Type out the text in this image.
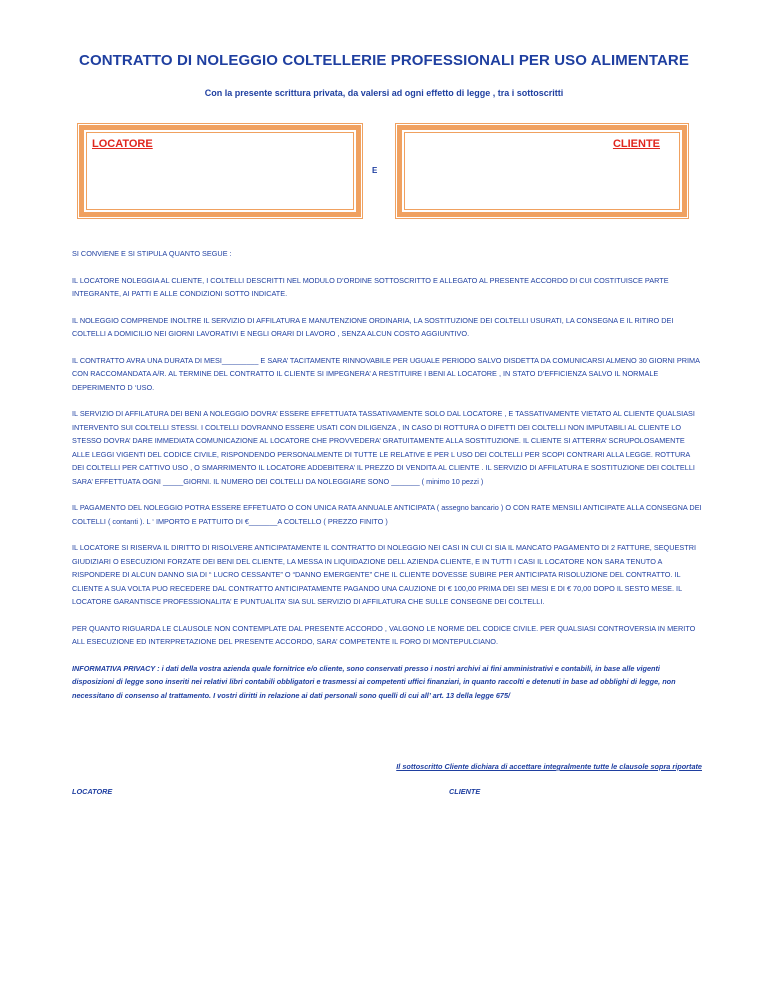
CONTRATTO DI NOLEGGIO COLTELLERIE PROFESSIONALI PER USO ALIMENTARE
Con la presente scrittura privata, da valersi ad ogni effetto di legge , tra i sottoscritti
LOCATORE
E
CLIENTE

SI CONVIENE E SI STIPULA QUANTO SEGUE :

IL LOCATORE NOLEGGIA AL CLIENTE, I COLTELLI DESCRITTI NEL MODULO D’ORDINE SOTTOSCRITTO E ALLEGATO AL PRESENTE ACCORDO DI CUI COSTITUISCE PARTE INTEGRANTE, AI PATTI E ALLE CONDIZIONI SOTTO INDICATE.

IL NOLEGGIO COMPRENDE INOLTRE IL SERVIZIO DI AFFILATURA E MANUTENZIONE ORDINARIA, LA SOSTITUZIONE DEI COLTELLI USURATI, LA CONSEGNA E IL RITIRO DEI COLTELLI A DOMICILIO NEI GIORNI LAVORATIVI E NEGLI ORARI DI LAVORO , SENZA ALCUN COSTO AGGIUNTIVO.

IL CONTRATTO AVRA UNA DURATA DI MESI_________ E SARA’ TACITAMENTE RINNOVABILE PER UGUALE PERIODO SALVO DISDETTA DA COMUNICARSI ALMENO 30 GIORNI PRIMA CON RACCOMANDATA A/R. AL TERMINE DEL CONTRATTO IL CLIENTE SI IMPEGNERA’ A RESTITUIRE I BENI AL LOCATORE , IN STATO D’EFFICIENZA SALVO IL NORMALE DEPERIMENTO D ‘USO.

IL SERVIZIO DI AFFILATURA DEI BENI A NOLEGGIO DOVRA’ ESSERE EFFETTUATA TASSATIVAMENTE SOLO DAL LOCATORE , E TASSATIVAMENTE VIETATO AL CLIENTE QUALSIASI INTERVENTO SUI COLTELLI STESSI. I COLTELLI DOVRANNO ESSERE USATI CON DILIGENZA , IN CASO DI ROTTURA O DIFETTI DEI COLTELLI NON IMPUTABILI AL CLIENTE LO STESSO DOVRA’ DARE IMMEDIATA COMUNICAZIONE AL LOCATORE CHE PROVVEDERA’ GRATUITAMENTE ALLA SOSTITUZIONE. IL CLIENTE SI ATTERRA’ SCRUPOLOSAMENTE ALLE LEGGI VIGENTI DEL CODICE CIVILE, RISPONDENDO PERSONALMENTE DI TUTTE LE RELATIVE E PER L USO DEI COLTELLI PER SCOPI CONTRARI ALLA LEGGE. ROTTURA DEI COLTELLI PER CATTIVO USO , O SMARRIMENTO IL LOCATORE ADDEBITERA’ IL PREZZO DI VENDITA AL CLIENTE . IL SERVIZIO DI AFFILATURA E SOSTITUZIONE DEI COLTELLI SARA’ EFFETTUATA OGNI _____GIORNI. IL NUMERO DEI COLTELLI DA NOLEGGIARE SONO _______ ( minimo 10 pezzi )

IL PAGAMENTO DEL NOLEGGIO POTRA ESSERE EFFETUATO O CON UNICA RATA ANNUALE ANTICIPATA ( assegno bancario ) O CON RATE MENSILI ANTICIPATE ALLA CONSEGNA DEI COLTELLI ( contanti ). L ‘ IMPORTO E PATTUITO DI €_______A COLTELLO ( PREZZO FINITO )

IL LOCATORE SI RISERVA IL DIRITTO DI RISOLVERE ANTICIPATAMENTE IL CONTRATTO DI NOLEGGIO NEI CASI IN CUI CI SIA IL MANCATO PAGAMENTO DI 2 FATTURE, SEQUESTRI GIUDIZIARI O ESECUZIONI FORZATE DEI BENI DEL CLIENTE, LA MESSA IN LIQUIDAZIONE DELL AZIENDA CLIENTE, E IN TUTTI I CASI IL LOCATORE NON SARA TENUTO A RISPONDERE DI ALCUN DANNO SIA DI “ LUCRO CESSANTE” O “DANNO EMERGENTE” CHE IL CLIENTE DOVESSE SUBIRE PER ANTICIPATA RISOLUZIONE DEL CONTRATTO. IL CLIENTE A SUA VOLTA PUO RECEDERE DAL CONTRATTO ANTICIPATAMENTE PAGANDO UNA CAUZIONE DI € 100,00 PRIMA DEI SEI MESI E DI € 70,00 DOPO IL SESTO MESE. IL LOCATORE GARANTISCE PROFESSIONALITA’ E PUNTUALITA’ SIA SUL SERVIZIO DI AFFILATURA CHE SULLE CONSEGNE DEI COLTELLI.

PER QUANTO RIGUARDA LE CLAUSOLE NON CONTEMPLATE DAL PRESENTE ACCORDO , VALGONO LE NORME DEL CODICE CIVILE. PER QUALSIASI CONTROVERSIA IN MERITO ALL ESECUZIONE ED INTERPRETAZIONE DEL PRESENTE ACCORDO, SARA’ COMPETENTE IL FORO DI MONTEPULCIANO.

INFORMATIVA PRIVACY : i dati della vostra azienda quale fornitrice e/o cliente, sono conservati presso i nostri archivi ai fini amministrativi e contabili, in base alle vigenti disposizioni di legge sono inseriti nei relativi libri contabili obbligatori e trasmessi ai competenti uffici finanziari, in quanto raccolti e detenuti in base ad obblighi di legge, non necessitano di consenso al trattamento. I vostri diritti in relazione ai dati personali sono quelli di cui all’ art. 13 della legge 675/

Il sottoscritto Cliente dichiara di accettare integralmente tutte le clausole sopra riportate
LOCATORE	CLIENTE
